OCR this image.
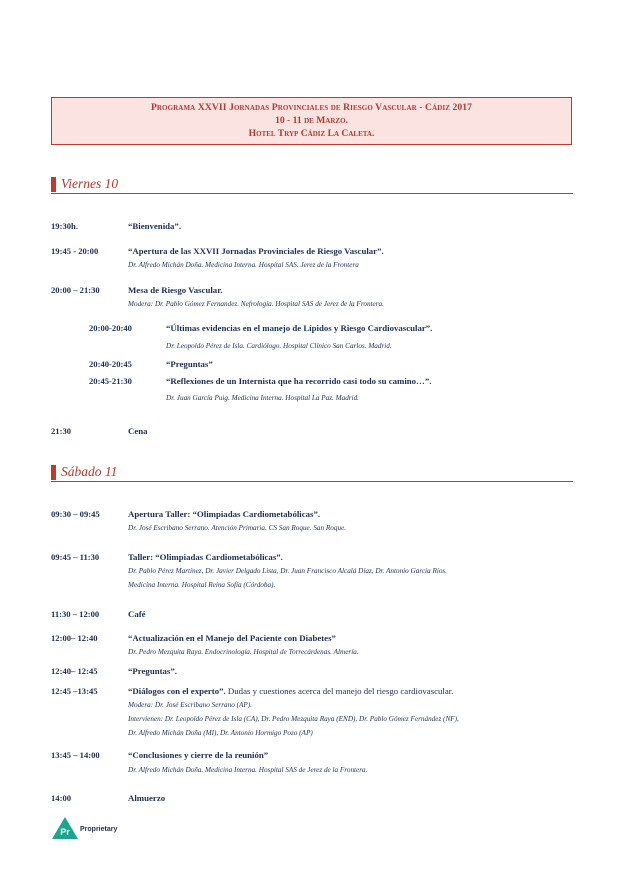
Programa XXVII Jornadas Provinciales de Riesgo Vascular - Cádiz 2017
10 - 11 de Marzo.
Hotel Tryp Cádiz La Caleta.
Viernes 10
19:30h.	“Bienvenida”.
19:45 - 20:00	“Apertura de las XXVII Jornadas Provinciales de Riesgo Vascular”.
Dr. Alfredo Michán Doña. Medicina Interna. Hospital SAS. Jerez de la Frontera
20:00 – 21:30	Mesa de Riesgo Vascular.
Modera: Dr. Pablo Gómez Fernandez. Nefrología. Hospital SAS de Jerez de la Frontera.
20:00-20:40	“Últimas evidencias en el manejo de Lípidos y Riesgo Cardiovascular”.
Dr. Leopoldo Pérez de Isla. Cardiólogo. Hospital Clínico San Carlos. Madrid.
20:40-20:45	“Preguntas”
20:45-21:30	“Reflexiones de un Internista que ha recorrido casi todo su camino…”.
Dr. Juan García Puig. Medicina Interna. Hospital La Paz. Madrid.
21:30	Cena
Sábado 11
09:30 – 09:45	Apertura Taller: “Olimpiadas Cardiometabólicas”.
Dr. José Escribano Serrano. Atención Primaria. CS San Roque. San Roque.
09:45 – 11:30	Taller: “Olimpiadas Cardiometabólicas”.
Dr. Pablo Pérez Martínez, Dr. Javier Delgado Lista, Dr. Juan Francisco Alcalá Díaz, Dr. Antonio García Ríos.
Medicina Interna. Hospital Reina Sofía (Córdoba).
11:30 – 12:00	Café
12:00– 12:40	“Actualización en el Manejo del Paciente con Diabetes”
Dr. Pedro Mezquita Raya. Endocrinología. Hospital de Torrecárdenas. Almería.
12:40– 12:45	“Preguntas”.
12:45 –13:45	“Diálogos con el experto”. Dudas y cuestiones acerca del manejo del riesgo cardiovascular.
Modera: Dr. José Escribano Serrano (AP).
Intervienen: Dr. Leopoldo Pérez de Isla (CA), Dr. Pedro Mezquita Raya (END), Dr. Pablo Gómez Fernández (NF),
Dr. Alfredo Michán Doña (MI), Dr. Antonio Hormigo Pozo (AP)
13:45 – 14:00	“Conclusiones y cierre de la reunión”
Dr. Alfredo Michán Doña. Medicina Interna. Hospital SAS de Jerez de la Frontera.
14:00	Almuerzo
Pr Proprietary
